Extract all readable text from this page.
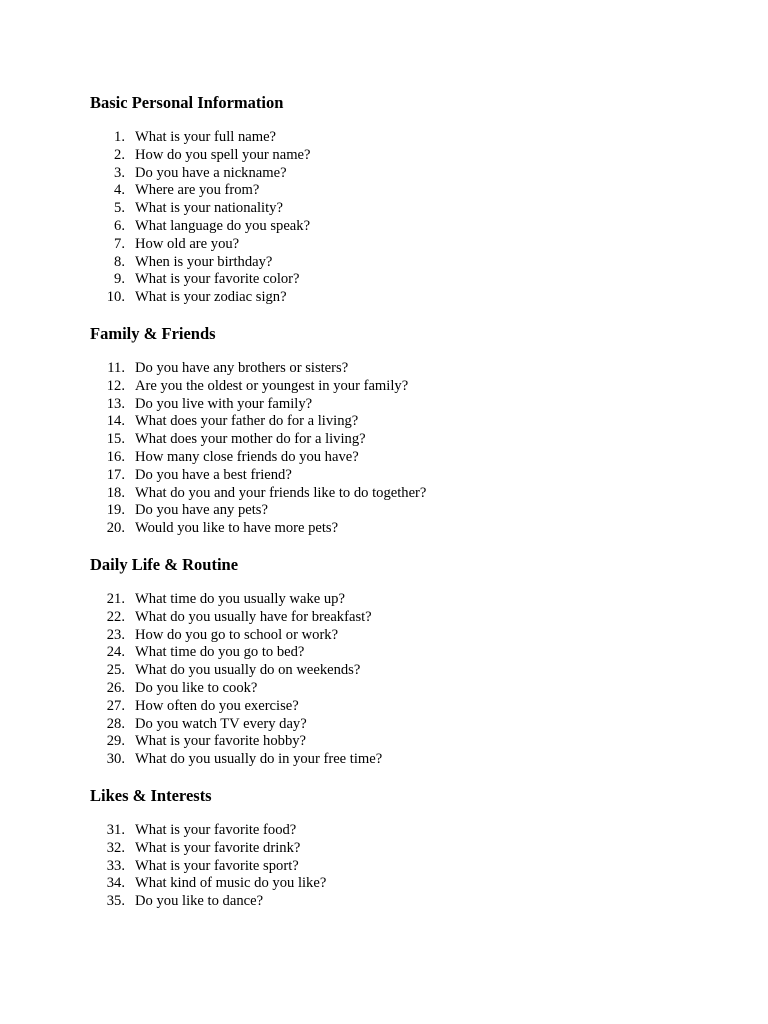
Basic Personal Information
1. What is your full name?
2. How do you spell your name?
3. Do you have a nickname?
4. Where are you from?
5. What is your nationality?
6. What language do you speak?
7. How old are you?
8. When is your birthday?
9. What is your favorite color?
10. What is your zodiac sign?
Family & Friends
11. Do you have any brothers or sisters?
12. Are you the oldest or youngest in your family?
13. Do you live with your family?
14. What does your father do for a living?
15. What does your mother do for a living?
16. How many close friends do you have?
17. Do you have a best friend?
18. What do you and your friends like to do together?
19. Do you have any pets?
20. Would you like to have more pets?
Daily Life & Routine
21. What time do you usually wake up?
22. What do you usually have for breakfast?
23. How do you go to school or work?
24. What time do you go to bed?
25. What do you usually do on weekends?
26. Do you like to cook?
27. How often do you exercise?
28. Do you watch TV every day?
29. What is your favorite hobby?
30. What do you usually do in your free time?
Likes & Interests
31. What is your favorite food?
32. What is your favorite drink?
33. What is your favorite sport?
34. What kind of music do you like?
35. Do you like to dance?
